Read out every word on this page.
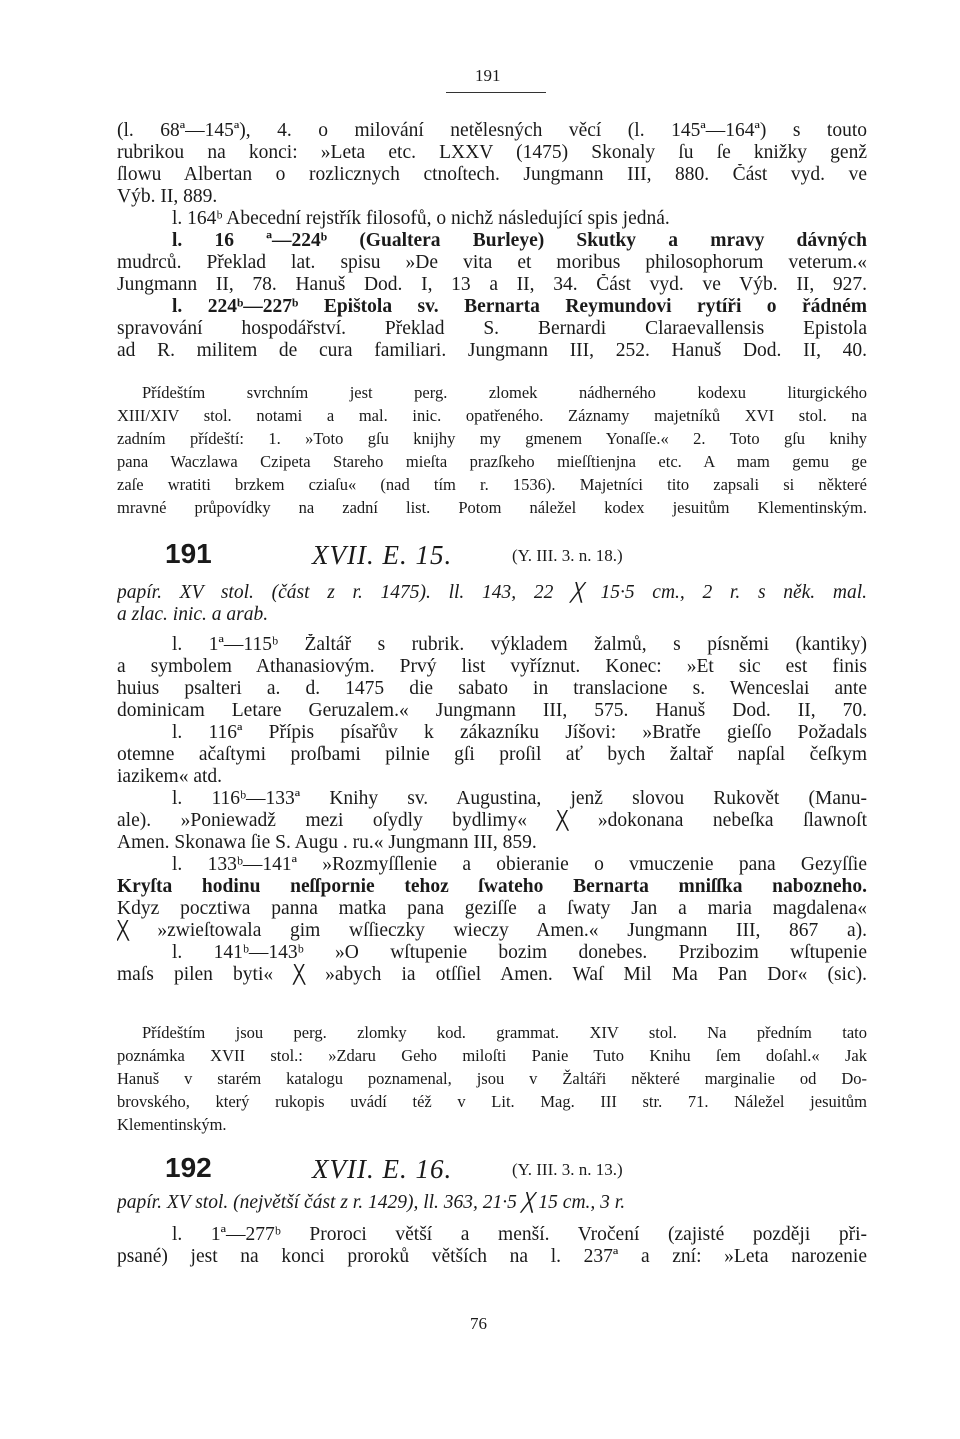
191
(l. 68ª—145ª), 4. o milování netělesných věcí (l. 145ª—164ª) s touto
rubrikou na konci: »Leta etc. LXXV (1475) Skonaly ſu ſe knižky genž
ſlowu Albertan o rozlicznych ctnoſtech. Jungmann III, 880. Část vyd. ve
Výb. II, 889.
l. 164ᵇ Abecední rejstřík filosofů, o nichž následující spis jedná.
l. 16 ª—224ᵇ (Gualtera Burleye) Skutky a mravy dávných
mudrců. Překlad lat. spisu »De vita et moribus philosophorum veterum.«
Jungmann II, 78. Hanuš Dod. I, 13 a II, 34. Část vyd. ve Výb. II, 927.
l. 224ᵇ—227ᵇ Epištola sv. Bernarta Reymundovi rytíři o řádném
spravování hospodářství. Překlad S. Bernardi Claraevallensis Epistola
ad R. militem de cura familiari. Jungmann III, 252. Hanuš Dod. II, 40.
Přídeštím svrchním jest perg. zlomek nádherného kodexu liturgického
XIII/XIV stol. notami a mal. inic. opatřeného. Záznamy majetníků XVI stol. na
zadním přídeští: 1. »Toto gſu knijhy my gmenem Yonaſſe.« 2. Toto gſu knihy
pana Waczlawa Czipeta Stareho mieſta prazſkeho mieſſtienjna etc. A mam gemu ge
zaſe wratiti brzkem cziaſu« (nad tím r. 1536). Majetníci tito zapsali si některé
mravné průpovídky na zadní list. Potom náležel kodex jesuitům Klementinským.
191	XVII. E. 15.	(Y. III. 3. n. 18.)
papír. XV stol. (část z r. 1475). ll. 143, 22 ╳ 15·5 cm., 2 r. s něk. mal.
a zlac. inic. a arab.
l. 1ª—115ᵇ Žaltář s rubrik. výkladem žalmů, s písněmi (kantiky)
a symbolem Athanasiovým. Prvý list vyříznut. Konec: »Et sic est finis
huius psalteri a. d. 1475 die sabato in translacione s. Wenceslai ante
dominicam Letare Geruzalem.« Jungmann III, 575. Hanuš Dod. II, 70.
l. 116ª Přípis písařův k zákazníku Jíšovi: »Bratře gieſſo Požadals
otemne ačaſtymi proſbami pilnie gſi proſil ať bych žaltař napſal čeſkym
iazikem« atd.
l. 116ᵇ—133ª Knihy sv. Augustina, jenž slovou Rukovět (Manu-
ale). »Poniewadž mezi oſydly bydlimy« ╳ »dokonana nebeſka ſlawnoſt
Amen. Skonawa ſie S. Augu . ru.« Jungmann III, 859.
l. 133ᵇ—141ª »Rozmyſſlenie a obieranie o vmuczenie pana Gezyſſie
Kryſta hodinu neſſpornie tehoz ſwateho Bernarta mniſſka nabozneho.
Kdyz pocztiwa panna matka pana geziſſe a ſwaty Jan a maria magdalena«
╳ »zwieſtowala gim wſſieczky wieczy Amen.« Jungmann III, 867 a).
l. 141ᵇ—143ᵇ »O wſtupenie bozim donebes. Przibozim wſtupenie
maſs pilen byti« ╳ »abych ia otſſiel Amen. Waſ Mil Ma Pan Dor« (sic).
Přídeštím jsou perg. zlomky kod. grammat. XIV stol. Na předním tato
poznámka XVII stol.: »Zdaru Geho miloſti Panie Tuto Knihu ſem doſahl.« Jak
Hanuš v starém katalogu poznamenal, jsou v Žaltáři některé marginalie od Do-
brovského, který rukopis uvádí též v Lit. Mag. III str. 71. Náležel jesuitům
Klementinským.
192	XVII. E. 16.	(Y. III. 3. n. 13.)
papír. XV stol. (největší část z r. 1429), ll. 363, 21·5 ╳ 15 cm., 3 r.
l. 1ª—277ᵇ Proroci větší a menší. Vročení (zajisté později při-
psané) jest na konci proroků větších na l. 237ª a zní: »Leta narozenie
76
